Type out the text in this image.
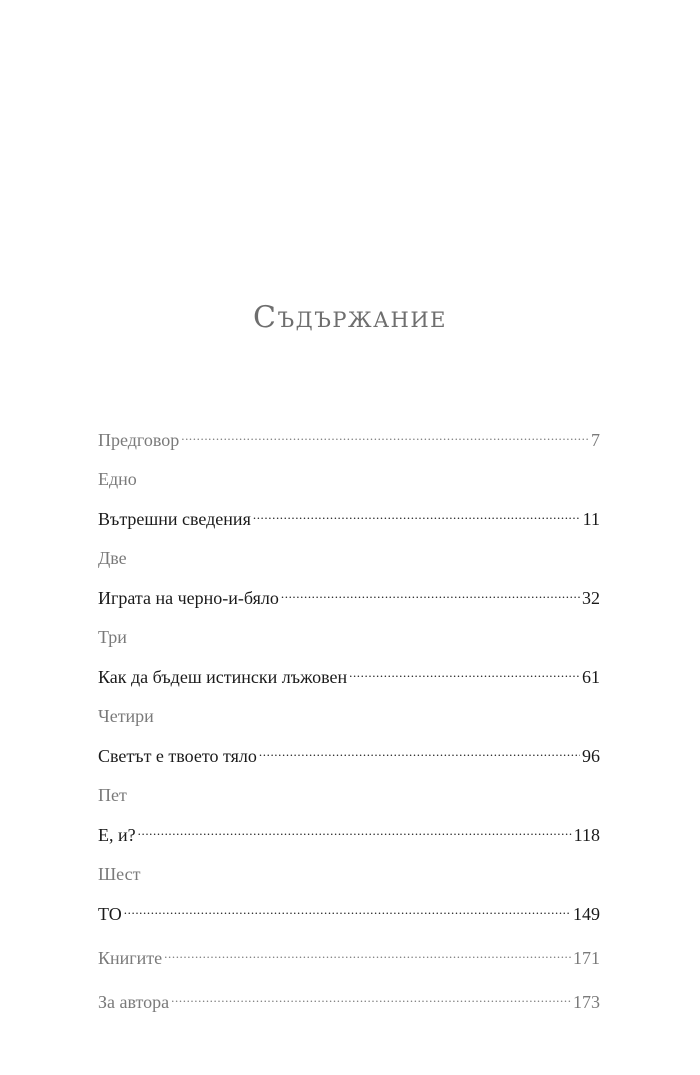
Съдържание
Предговор .....	7
Едно
Вътрешни сведения .....	11
Две
Играта на черно-и-бяло .....	32
Три
Как да бъдеш истински лъжовен .....	61
Четири
Светът е твоето тяло .....	96
Пет
Е, и? .....	118
Шест
ТО .....	149
Книгите .....	171
За автора .....	173
